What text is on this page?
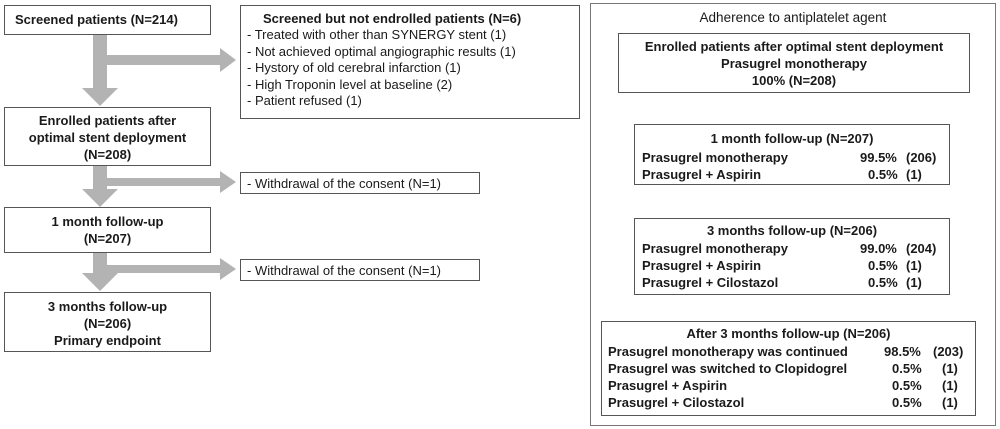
Screened patients (N=214)	Screened but not endrolled patients (N=6)
- Treated with other than SYNERGY stent (1)
- Not achieved optimal angiographic results (1)
- Hystory of old cerebral infarction (1)
- High Troponin level at baseline (2)
- Patient refused (1)
Enrolled patients after
optimal stent deployment
(N=208)
- Withdrawal of the consent (N=1)
1 month follow-up
(N=207)
- Withdrawal of the consent (N=1)
3 months follow-up
(N=206)
Primary endpoint
Adherence to antiplatelet agent
Enrolled patients after optimal stent deployment
Prasugrel monotherapy
100% (N=208)
1 month follow-up (N=207)
Prasugrel monotherapy	99.5% (206)
Prasugrel + Aspirin	0.5% (1)
3 months follow-up (N=206)
Prasugrel monotherapy	99.0% (204)
Prasugrel + Aspirin	0.5% (1)
Prasugrel + Cilostazol	0.5% (1)
After 3 months follow-up (N=206)
Prasugrel monotherapy was continued	98.5% (203)
Prasugrel was switched to Clopidogrel	0.5% (1)
Prasugrel + Aspirin	0.5% (1)
Prasugrel + Cilostazol	0.5% (1)
